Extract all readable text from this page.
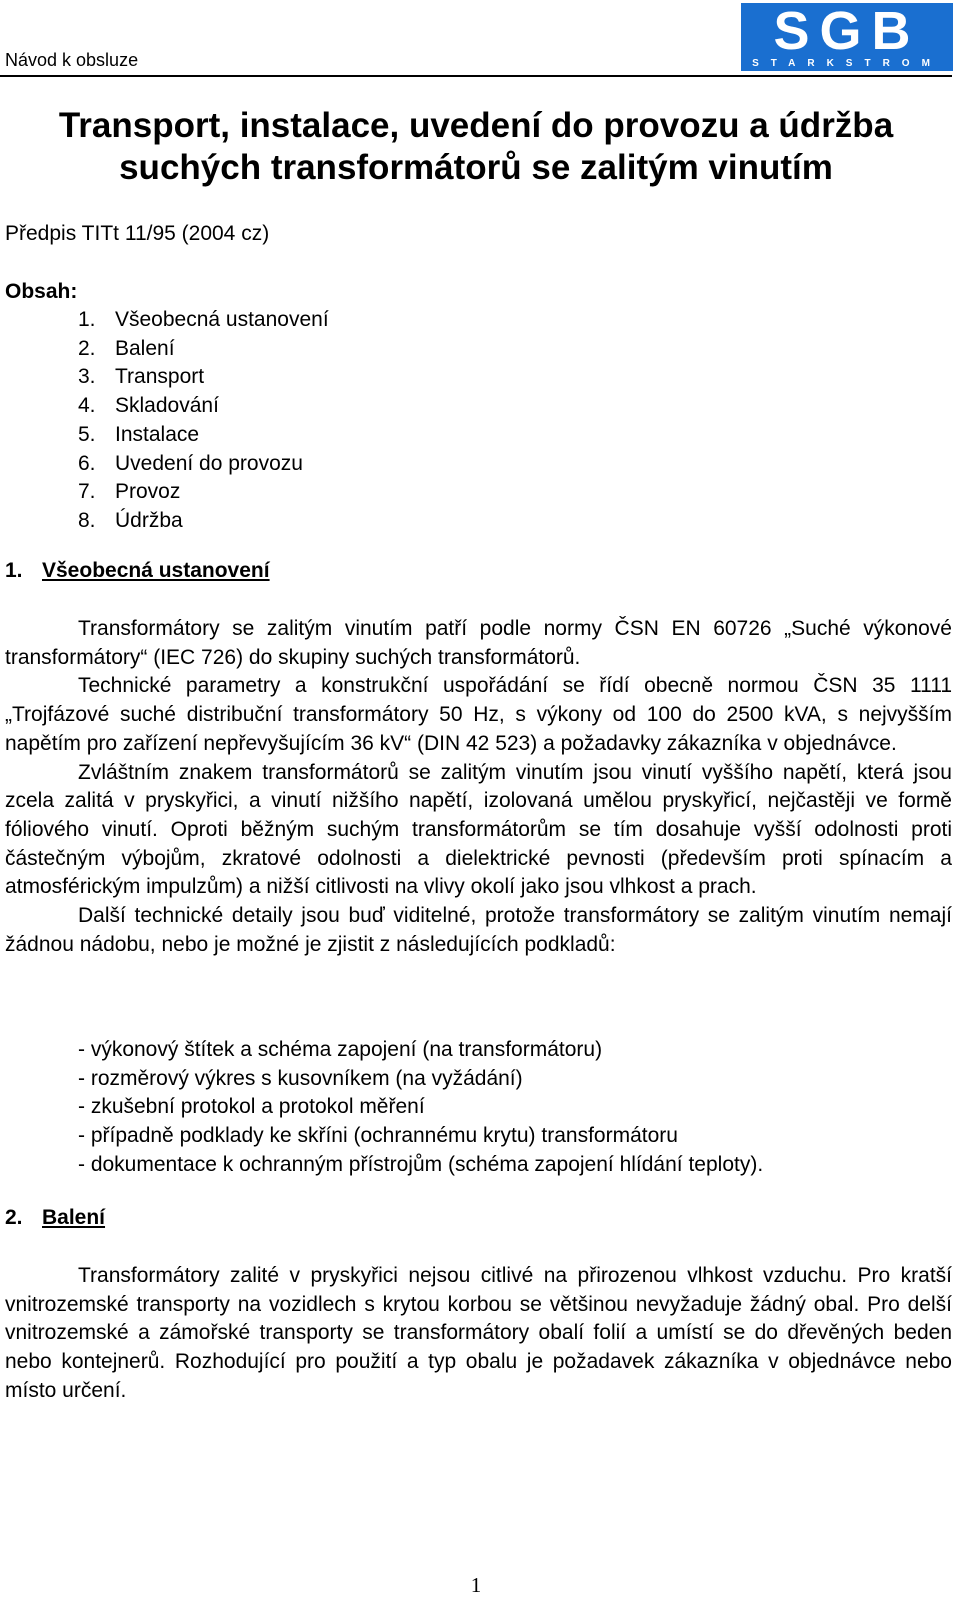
Návod k obsluze	SGB
STARKSTROM
Transport, instalace, uvedení do provozu a údržba
suchých transformátorů se zalitým vinutím
Předpis TITt 11/95 (2004 cz)
Obsah:
1. Všeobecná ustanovení
2. Balení
3. Transport
4. Skladování
5. Instalace
6. Uvedení do provozu
7. Provoz
8. Údržba
1. Všeobecná ustanovení

Transformátory se zalitým vinutím patří podle normy ČSN EN 60726 „Suché výkonové transformátory“ (IEC 726) do skupiny suchých transformátorů.

Technické parametry a konstrukční uspořádání se řídí obecně normou ČSN 35 1111 „Trojfázové suché distribuční transformátory 50 Hz, s výkony od 100 do 2500 kVA, s nejvyšším napětím pro zařízení nepřevyšujícím 36 kV“ (DIN 42 523) a požadavky zákazníka v objednávce.

Zvláštním znakem transformátorů se zalitým vinutím jsou vinutí vyššího napětí, která jsou zcela zalitá v pryskyřici, a vinutí nižšího napětí, izolovaná umělou pryskyřicí, nejčastěji ve formě fóliového vinutí. Oproti běžným suchým transformátorům se tím dosahuje vyšší odolnosti proti částečným výbojům, zkratové odolnosti a dielektrické pevnosti (především proti spínacím a atmosférickým impulzům) a nižší citlivosti na vlivy okolí jako jsou vlhkost a prach.

Další technické detaily jsou buď viditelné, protože transformátory se zalitým vinutím nemají žádnou nádobu, nebo je možné je zjistit z následujících podkladů:

- výkonový štítek a schéma zapojení (na transformátoru)
- rozměrový výkres s kusovníkem (na vyžádání)
- zkušební protokol a protokol měření
- případně podklady ke skříni (ochrannému krytu) transformátoru
- dokumentace k ochranným přístrojům (schéma zapojení hlídání teploty).
2. Balení

Transformátory zalité v pryskyřici nejsou citlivé na přirozenou vlhkost vzduchu. Pro kratší vnitrozemské transporty na vozidlech s krytou korbou se většinou nevyžaduje žádný obal. Pro delší vnitrozemské a zámořské transporty se transformátory obalí folií a umístí se do dřevěných beden nebo kontejnerů. Rozhodující pro použití a typ obalu je požadavek zákazníka v objednávce nebo místo určení.

1
